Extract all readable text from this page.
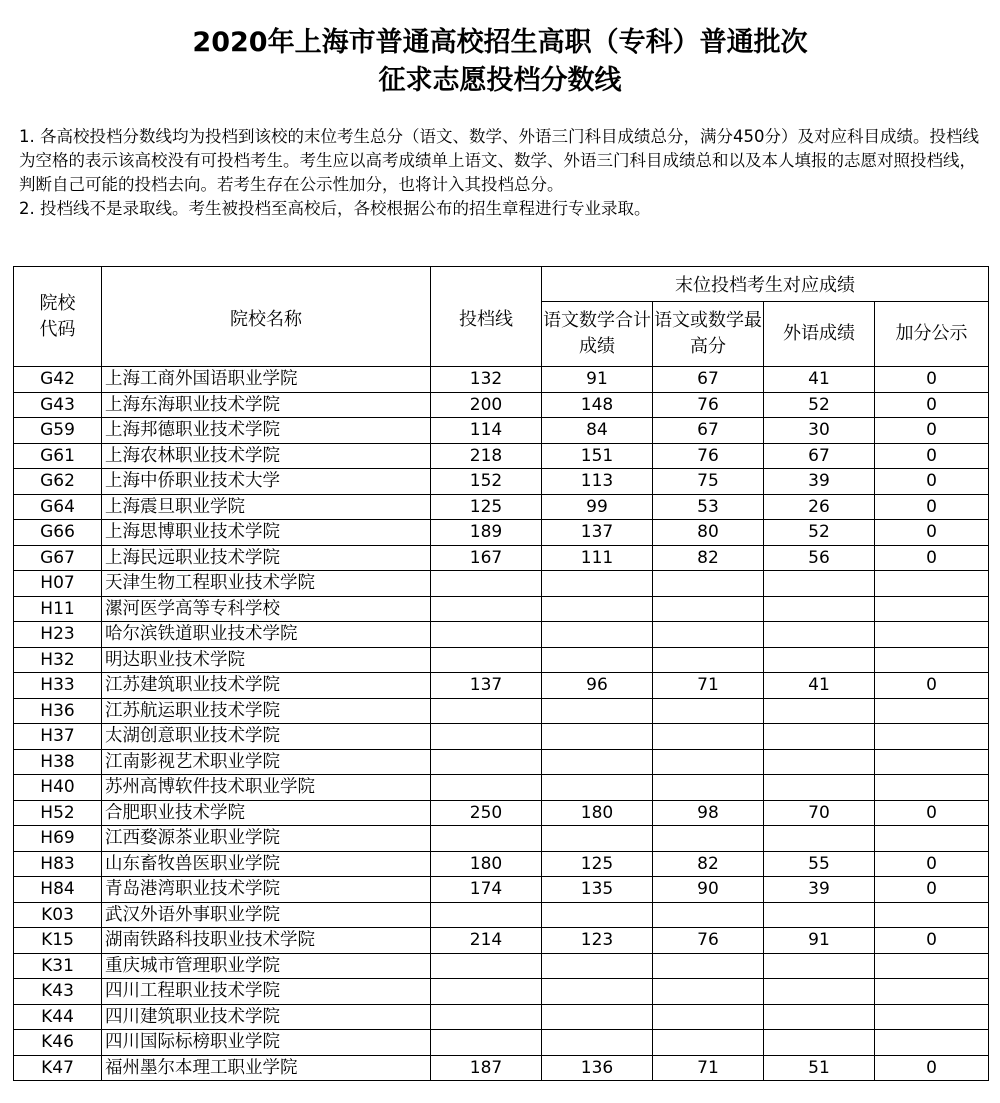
2020年上海市普通高校招生高职（专科）普通批次
征求志愿投档分数线

1. 各高校投档分数线均为投档到该校的末位考生总分（语文、数学、外语三门科目成绩总分，满分450分）及对应科目成绩。投档线为空格的表示该高校没有可投档考生。考生应以高考成绩单上语文、数学、外语三门科目成绩总和以及本人填报的志愿对照投档线，判断自己可能的投档去向。若考生存在公示性加分，也将计入其投档总分。

2. 投档线不是录取线。考生被投档至高校后，各校根据公布的招生章程进行专业录取。

院校代码	院校名称	投档线	末位投档考生对应成绩			
			语文数学合计成绩	语文或数学最高分	外语成绩	加分公示
G42	上海工商外国语职业学院	132	91	67	41	0
G43	上海东海职业技术学院	200	148	76	52	0
G59	上海邦德职业技术学院	114	84	67	30	0
G61	上海农林职业技术学院	218	151	76	67	0
G62	上海中侨职业技术大学	152	113	75	39	0
G64	上海震旦职业学院	125	99	53	26	0
G66	上海思博职业技术学院	189	137	80	52	0
G67	上海民远职业技术学院	167	111	82	56	0
H07	天津生物工程职业技术学院					
H11	漯河医学高等专科学校					
H23	哈尔滨铁道职业技术学院					
H32	明达职业技术学院					
H33	江苏建筑职业技术学院	137	96	71	41	0
H36	江苏航运职业技术学院					
H37	太湖创意职业技术学院					
H38	江南影视艺术职业学院					
H40	苏州高博软件技术职业学院					
H52	合肥职业技术学院	250	180	98	70	0
H69	江西婺源茶业职业学院					
H83	山东畜牧兽医职业学院	180	125	82	55	0
H84	青岛港湾职业技术学院	174	135	90	39	0
K03	武汉外语外事职业学院					
K15	湖南铁路科技职业技术学院	214	123	76	91	0
K31	重庆城市管理职业学院					
K43	四川工程职业技术学院					
K44	四川建筑职业技术学院					
K46	四川国际标榜职业学院					
K47	福州墨尔本理工职业学院	187	136	71	51	0
